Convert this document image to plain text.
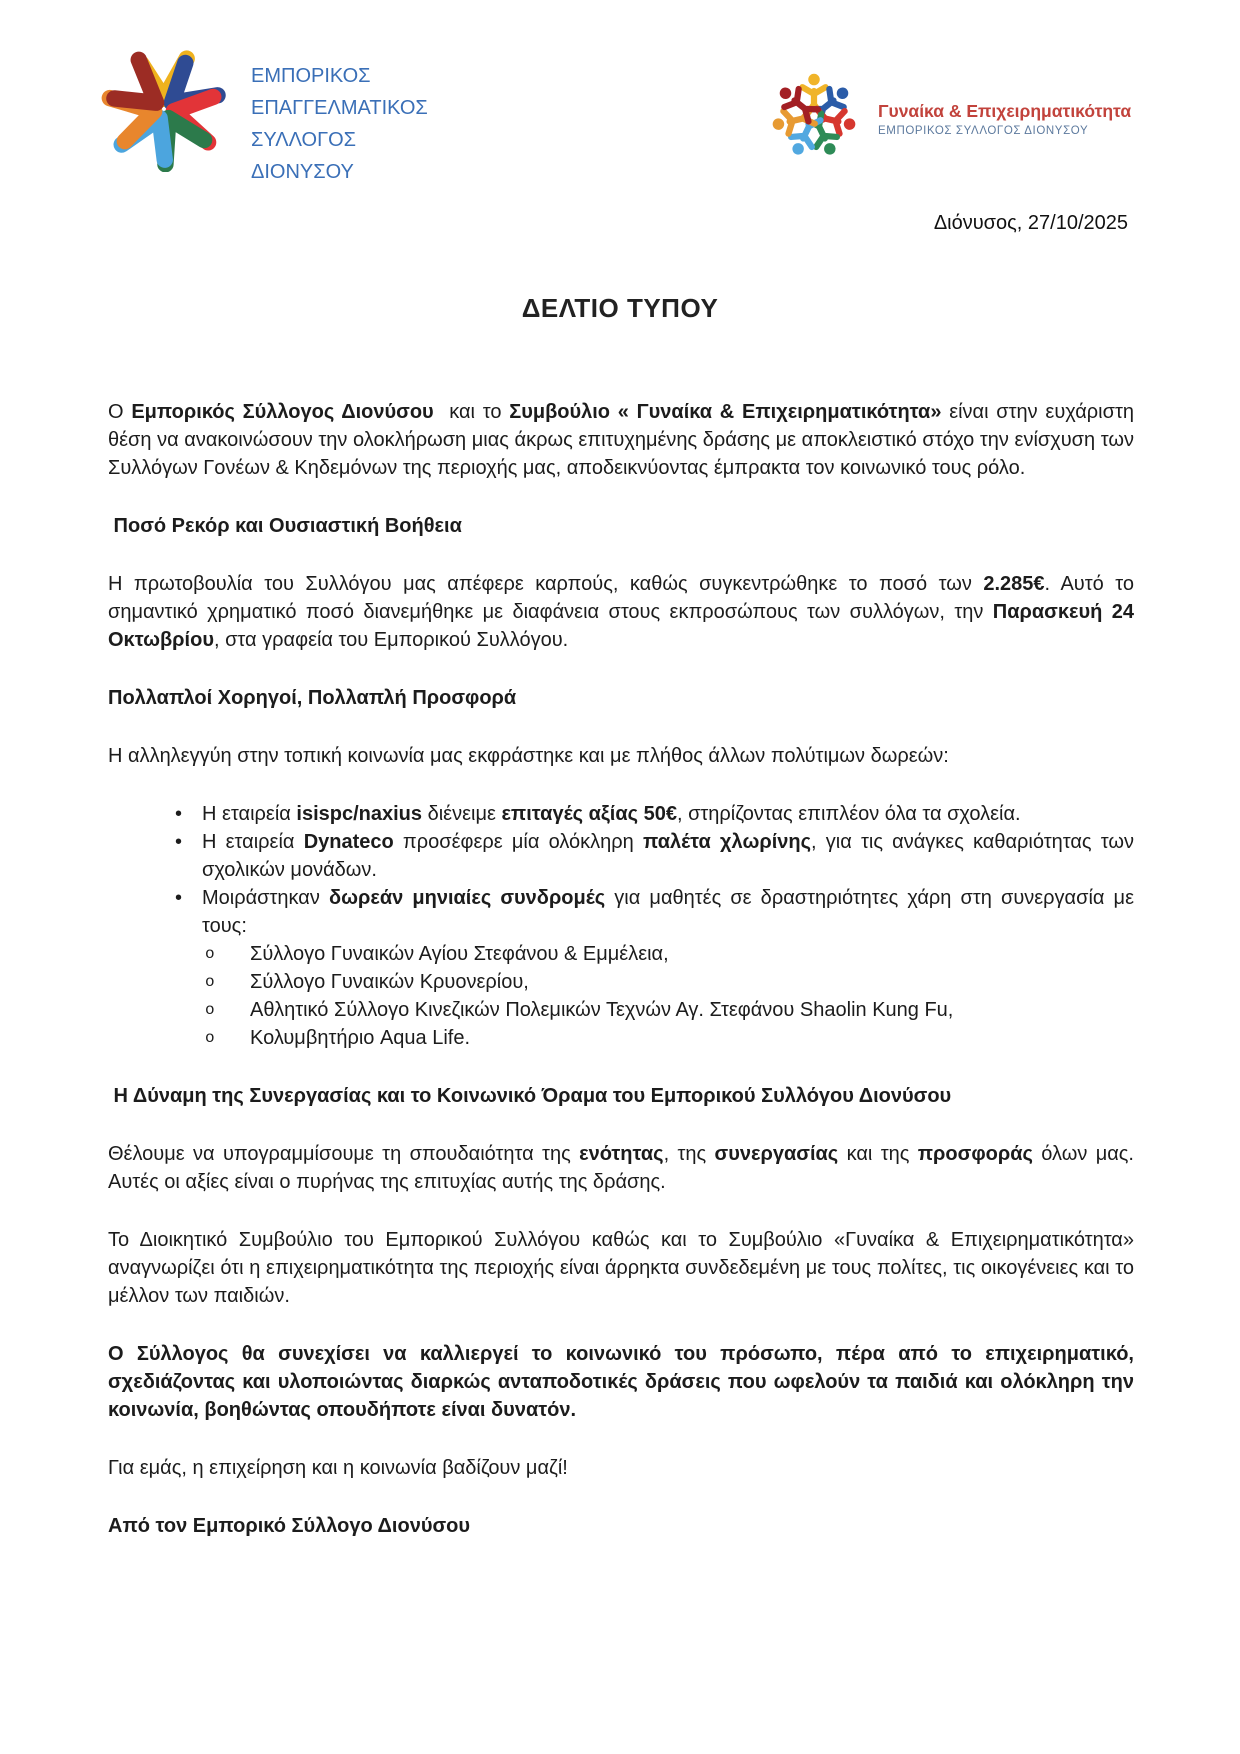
ΕΜΠΟΡΙΚΟΣ
ΕΠΑΓΓΕΛΜΑΤΙΚΟΣ
ΣΥΛΛΟΓΟΣ
ΔΙΟΝΥΣΟΥ
Γυναίκα & Επιχειρηματικότητα
ΕΜΠΟΡΙΚΟΣ ΣΥΛΛΟΓΟΣ ΔΙΟΝΥΣΟΥ
Διόνυσος, 27/10/2025
ΔΕΛΤΙΟ ΤΥΠΟΥ
Ο Εμπορικός Σύλλογος Διονύσου  και το Συμβούλιο « Γυναίκα & Επιχειρηματικότητα» είναι στην ευχάριστη θέση να ανακοινώσουν την ολοκλήρωση μιας άκρως επιτυχημένης δράσης με αποκλειστικό στόχο την ενίσχυση των Συλλόγων Γονέων & Κηδεμόνων της περιοχής μας, αποδεικνύοντας έμπρακτα τον κοινωνικό τους ρόλο.
Ποσό Ρεκόρ και Ουσιαστική Βοήθεια
Η πρωτοβουλία του Συλλόγου μας απέφερε καρπούς, καθώς συγκεντρώθηκε το ποσό των 2.285€. Αυτό το σημαντικό χρηματικό ποσό διανεμήθηκε με διαφάνεια στους εκπροσώπους των συλλόγων, την Παρασκευή 24 Οκτωβρίου, στα γραφεία του Εμπορικού Συλλόγου.
Πολλαπλοί Χορηγοί, Πολλαπλή Προσφορά
Η αλληλεγγύη στην τοπική κοινωνία μας εκφράστηκε και με πλήθος άλλων πολύτιμων δωρεών:
• Η εταιρεία isispc/naxius διένειμε επιταγές αξίας 50€, στηρίζοντας επιπλέον όλα τα σχολεία.
• Η εταιρεία Dynateco προσέφερε μία ολόκληρη παλέτα χλωρίνης, για τις ανάγκες καθαριότητας των σχολικών μονάδων.
• Μοιράστηκαν δωρεάν μηνιαίες συνδρομές για μαθητές σε δραστηριότητες χάρη στη συνεργασία με τους:
o Σύλλογο Γυναικών Αγίου Στεφάνου & Εμμέλεια,
o Σύλλογο Γυναικών Κρυονερίου,
o Αθλητικό Σύλλογο Κινεζικών Πολεμικών Τεχνών Αγ. Στεφάνου Shaolin Kung Fu,
o Κολυμβητήριο Aqua Life.
Η Δύναμη της Συνεργασίας και το Κοινωνικό Όραμα του Εμπορικού Συλλόγου Διονύσου
Θέλουμε να υπογραμμίσουμε τη σπουδαιότητα της ενότητας, της συνεργασίας και της προσφοράς όλων μας. Αυτές οι αξίες είναι ο πυρήνας της επιτυχίας αυτής της δράσης.
Το Διοικητικό Συμβούλιο του Εμπορικού Συλλόγου καθώς και το Συμβούλιο «Γυναίκα & Επιχειρηματικότητα» αναγνωρίζει ότι η επιχειρηματικότητα της περιοχής είναι άρρηκτα συνδεδεμένη με τους πολίτες, τις οικογένειες και το μέλλον των παιδιών.
Ο Σύλλογος θα συνεχίσει να καλλιεργεί το κοινωνικό του πρόσωπο, πέρα από το επιχειρηματικό, σχεδιάζοντας και υλοποιώντας διαρκώς ανταποδοτικές δράσεις που ωφελούν τα παιδιά και ολόκληρη την κοινωνία, βοηθώντας οπουδήποτε είναι δυνατόν.
Για εμάς, η επιχείρηση και η κοινωνία βαδίζουν μαζί!
Από τον Εμπορικό Σύλλογο Διονύσου
